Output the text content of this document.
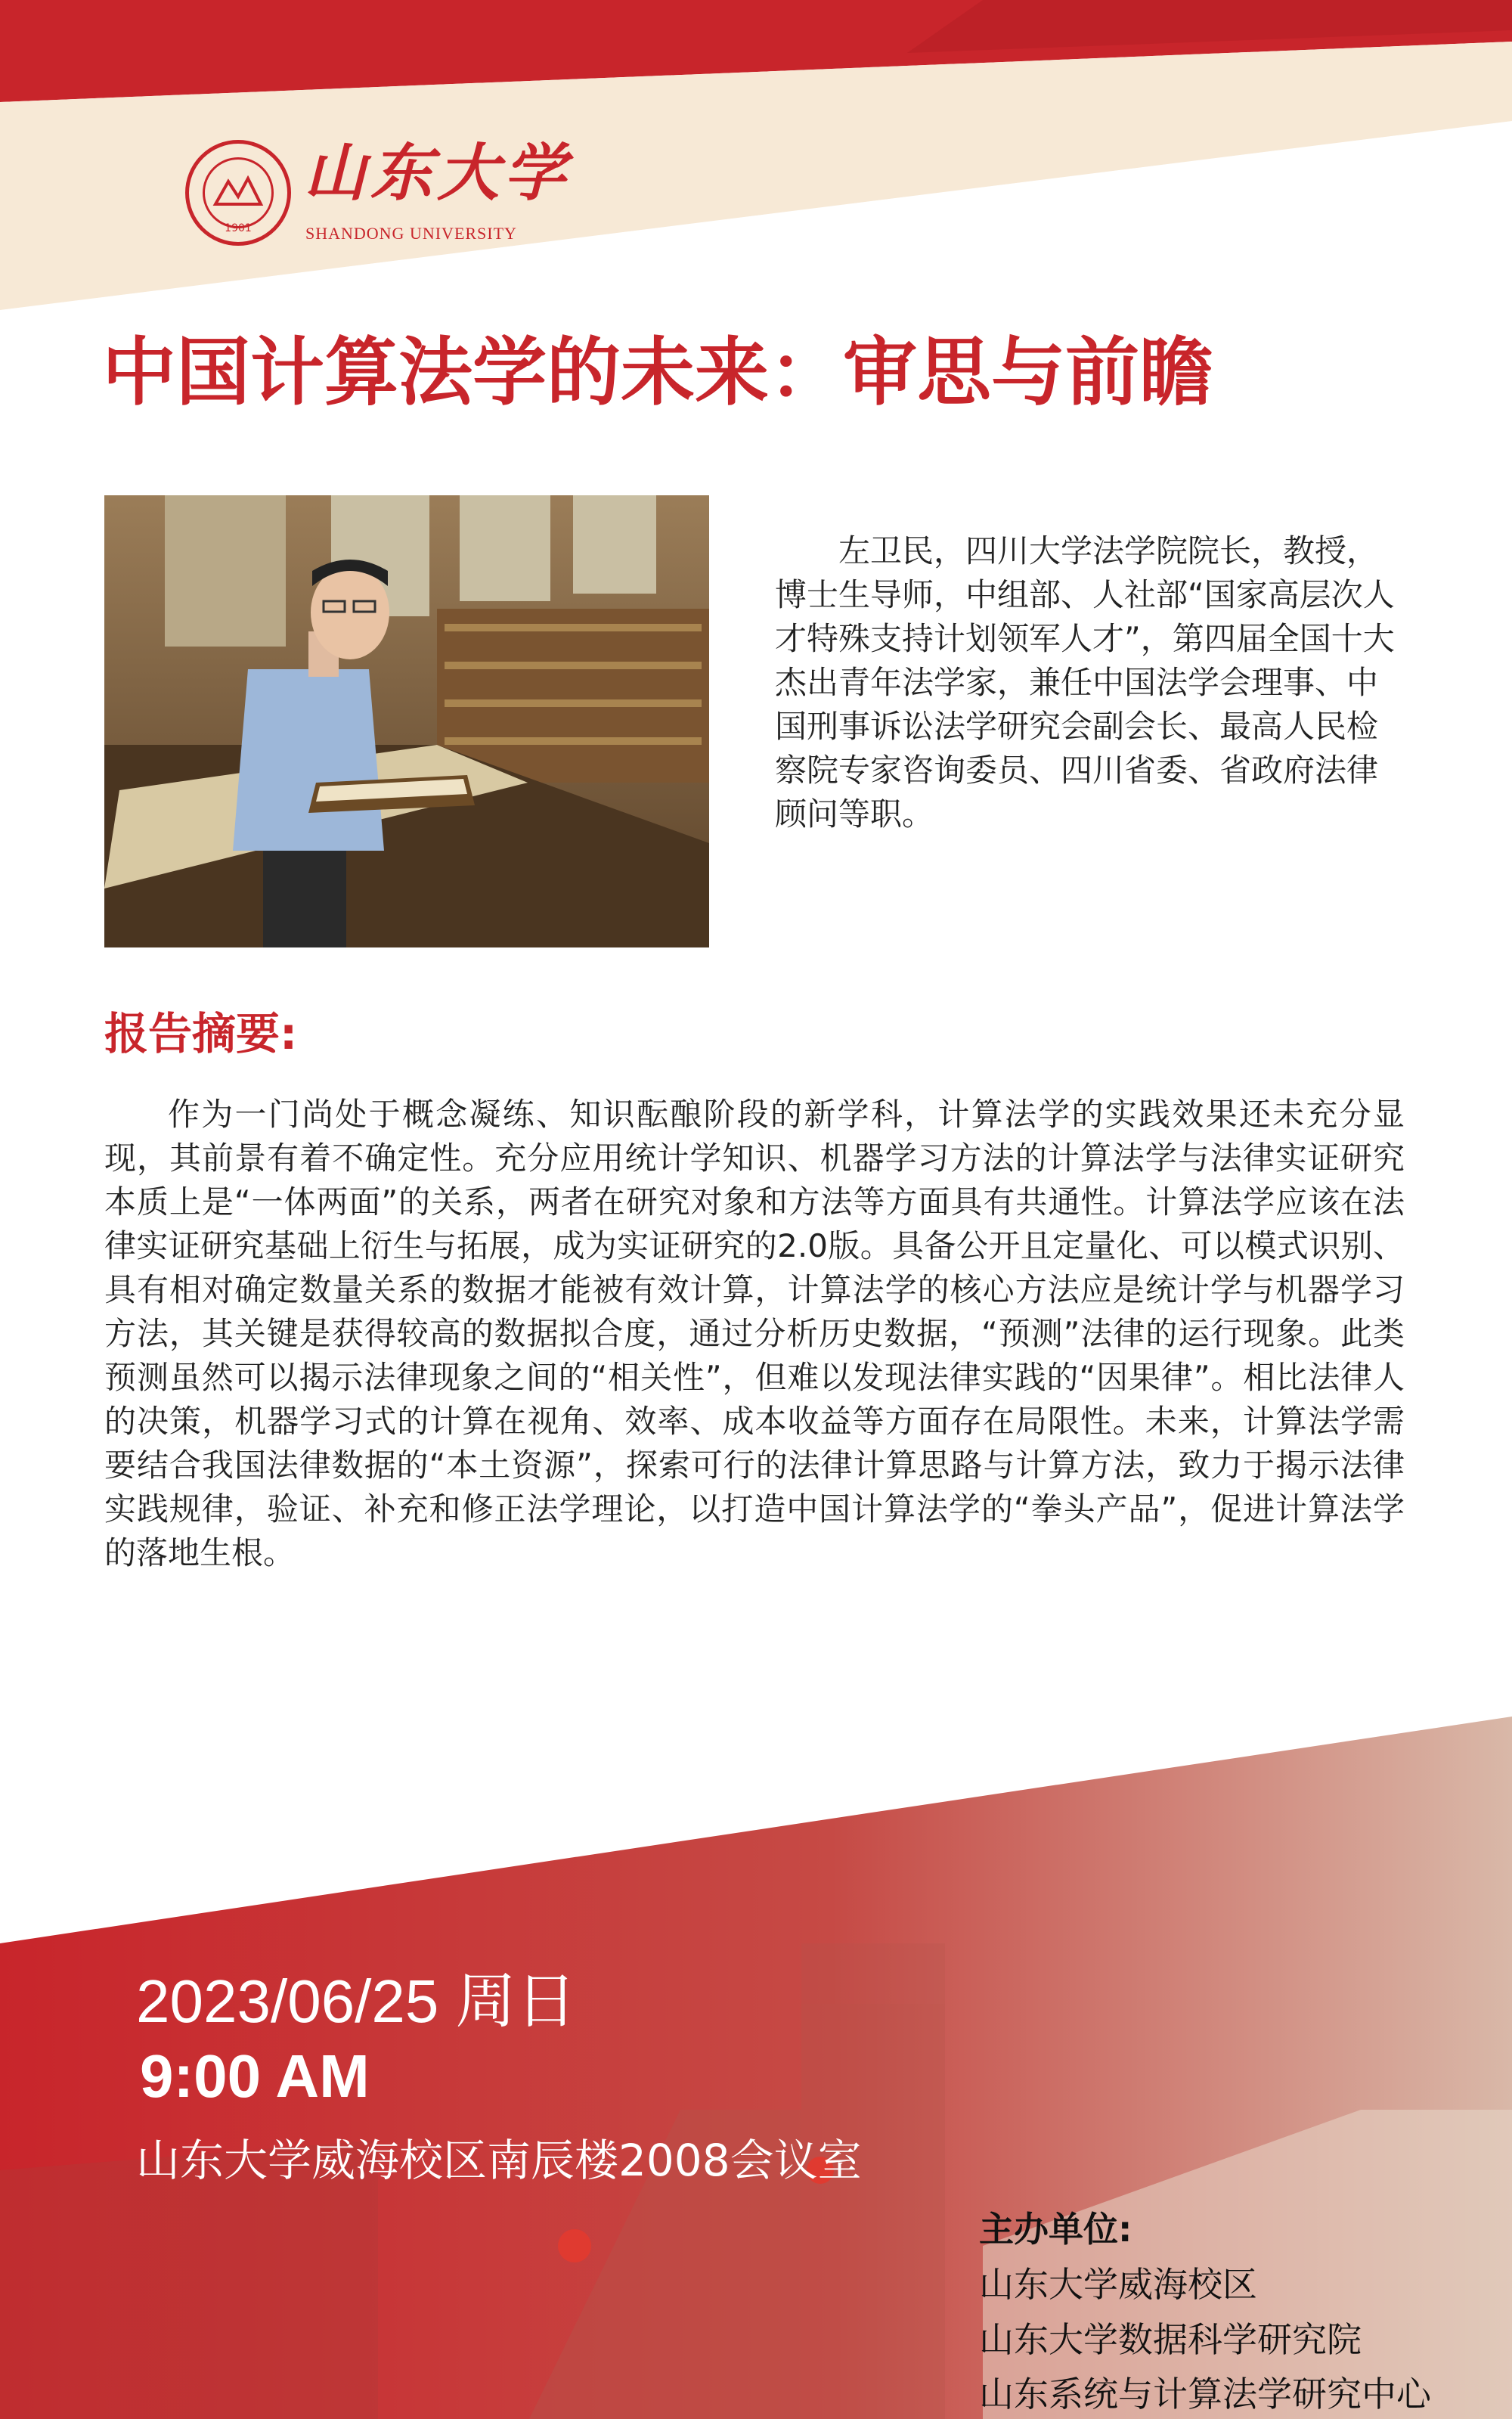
1901
山东大学
SHANDONG UNIVERSITY
中国计算法学的未来：审思与前瞻
左卫民，四川大学法学院院长，教授，博士生导师，中组部、人社部“国家高层次人才特殊支持计划领军人才”，第四届全国十大杰出青年法学家，兼任中国法学会理事、中国刑事诉讼法学研究会副会长、最高人民检察院专家咨询委员、四川省委、省政府法律顾问等职。
报告摘要:
作为一门尚处于概念凝练、知识酝酿阶段的新学科，计算法学的实践效果还未充分显现，其前景有着不确定性。充分应用统计学知识、机器学习方法的计算法学与法律实证研究本质上是“一体两面”的关系，两者在研究对象和方法等方面具有共通性。计算法学应该在法律实证研究基础上衍生与拓展，成为实证研究的2.0版。具备公开且定量化、可以模式识别、具有相对确定数量关系的数据才能被有效计算，计算法学的核心方法应是统计学与机器学习方法，其关键是获得较高的数据拟合度，通过分析历史数据，“预测”法律的运行现象。此类预测虽然可以揭示法律现象之间的“相关性”，但难以发现法律实践的“因果律”。相比法律人的决策，机器学习式的计算在视角、效率、成本收益等方面存在局限性。未来，计算法学需要结合我国法律数据的“本土资源”，探索可行的法律计算思路与计算方法，致力于揭示法律实践规律，验证、补充和修正法学理论，以打造中国计算法学的“拳头产品”，促进计算法学的落地生根。
2023/06/25 周日
9:00 AM
山东大学威海校区南辰楼2008会议室
主办单位:
山东大学威海校区
山东大学数据科学研究院
山东系统与计算法学研究中心
